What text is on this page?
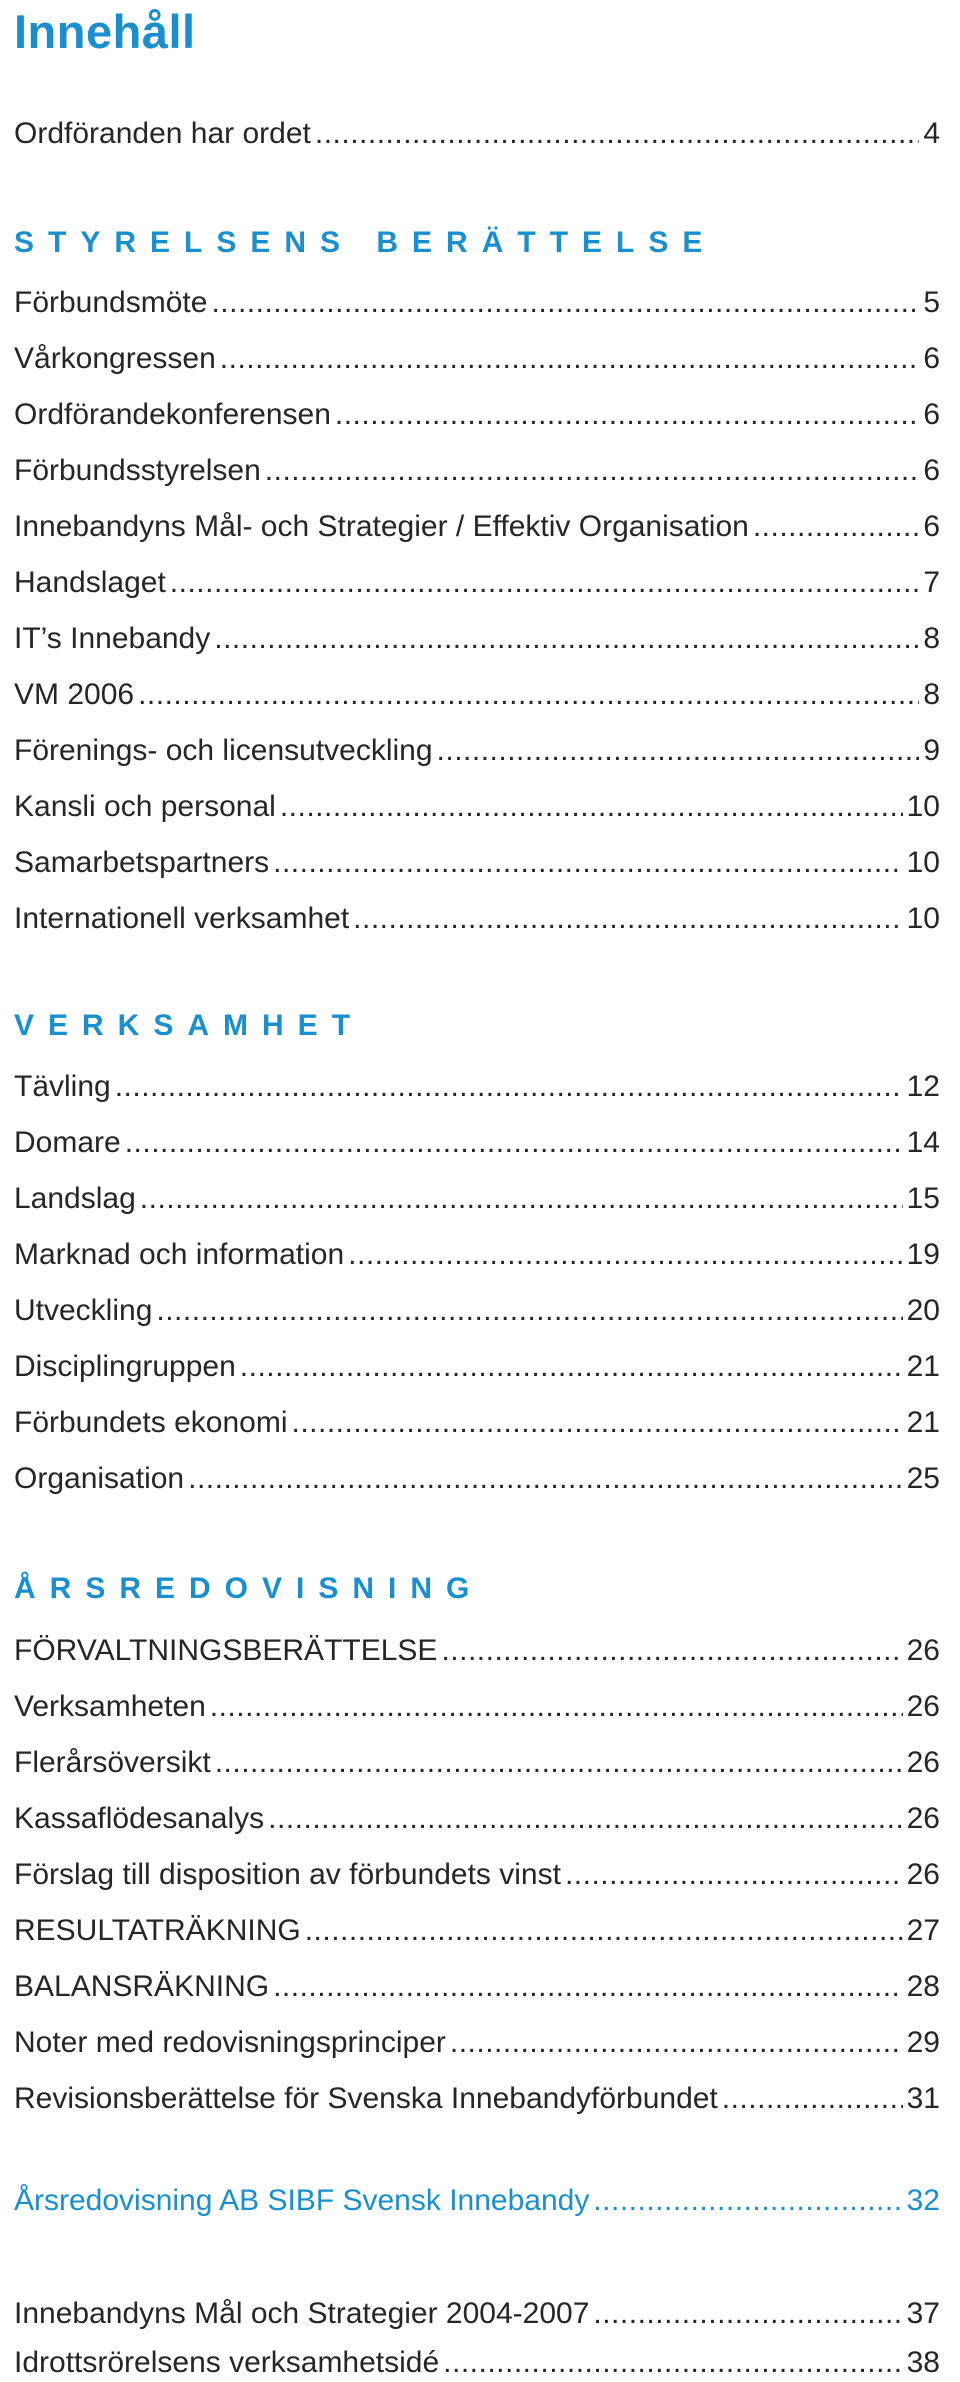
Innehåll
Ordföranden har ordet .....	4
STYRELSENS BERÄTTELSE
Förbundsmöte .....	5
Vårkongressen .....	6
Ordförandekonferensen .....	6
Förbundsstyrelsen .....	6
Innebandyns Mål- och Strategier / Effektiv Organisation .....	6
Handslaget .....	7
IT’s Innebandy .....	8
VM 2006 .....	8
Förenings- och licensutveckling .....	9
Kansli och personal .....	10
Samarbetspartners .....	10
Internationell verksamhet .....	10
VERKSAMHET
Tävling .....	12
Domare .....	14
Landslag .....	15
Marknad och information .....	19
Utveckling .....	20
Disciplingruppen .....	21
Förbundets ekonomi .....	21
Organisation .....	25
ÅRSREDOVISNING
FÖRVALTNINGSBERÄTTELSE .....	26
Verksamheten .....	26
Flerårsöversikt .....	26
Kassaflödesanalys .....	26
Förslag till disposition av förbundets vinst .....	26
RESULTATRÄKNING .....	27
BALANSRÄKNING .....	28
Noter med redovisningsprinciper .....	29
Revisionsberättelse för Svenska Innebandyförbundet .....	31
Årsredovisning AB SIBF Svensk Innebandy .....	32
Innebandyns Mål och Strategier 2004-2007 .....	37
Idrottsrörelsens verksamhetsidé .....	38
